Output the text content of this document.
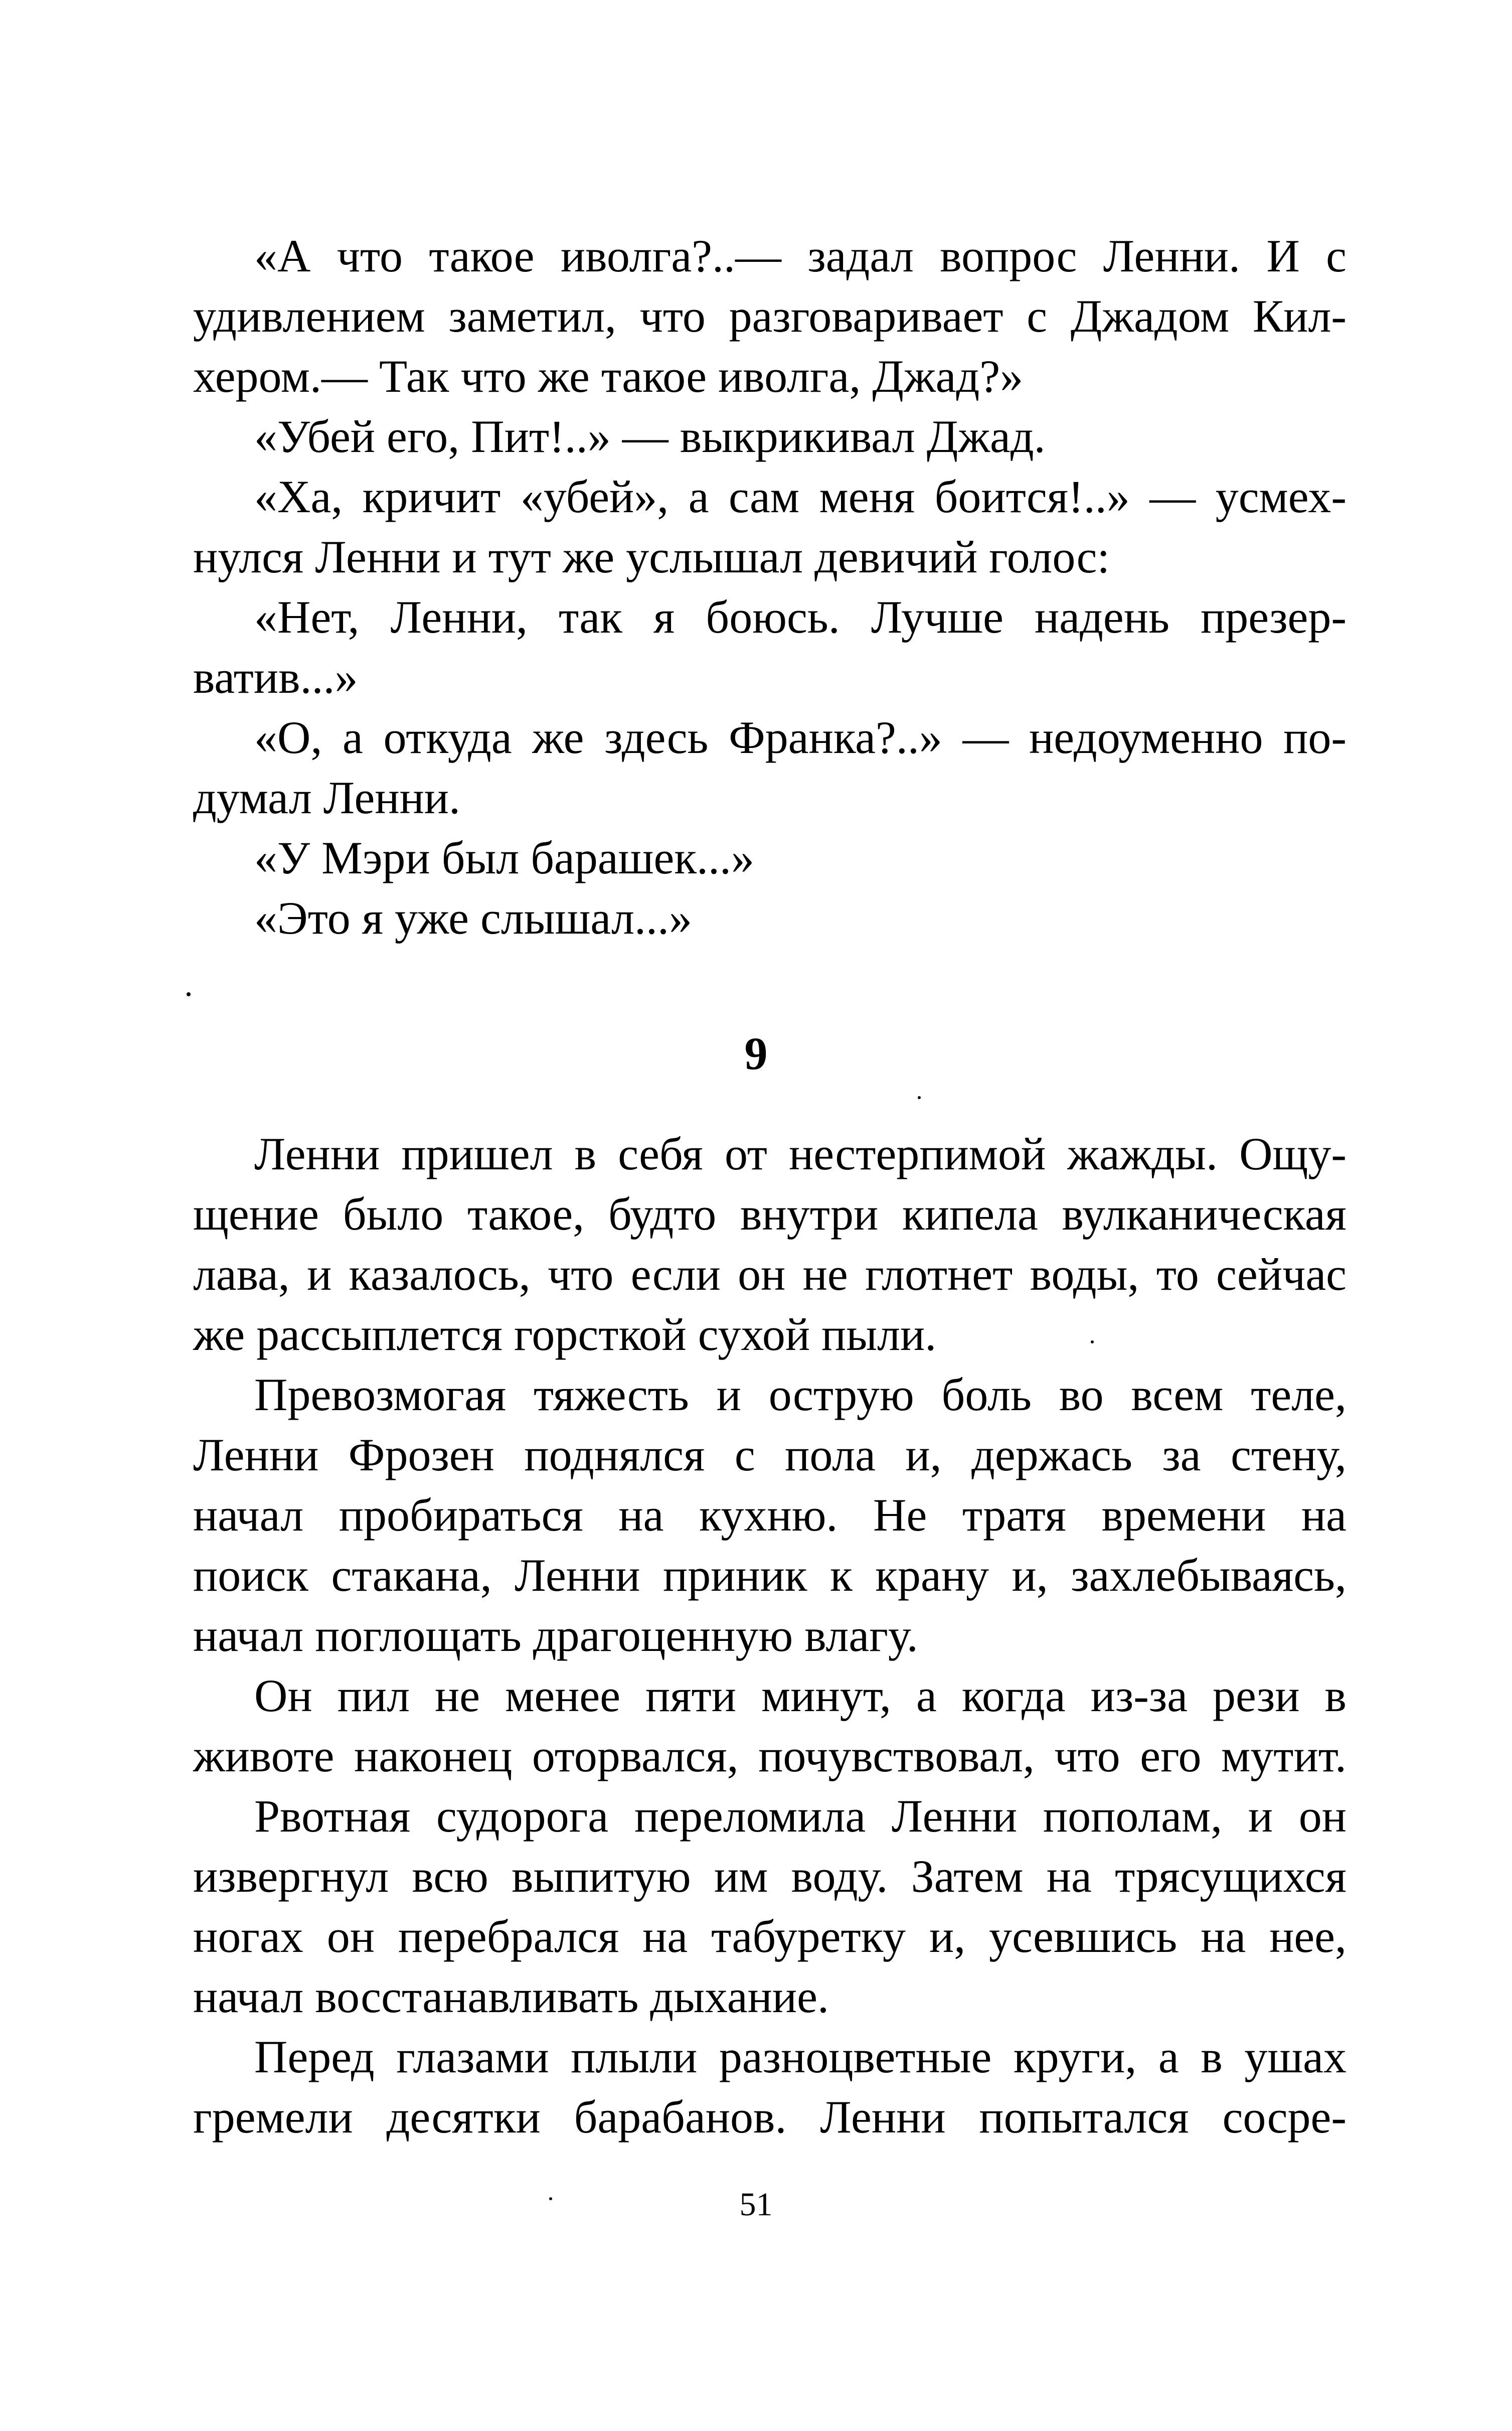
«А что такое иволга?..— задал вопрос Ленни. И с
удивлением заметил, что разговаривает с Джадом Кил-
хером.— Так что же такое иволга, Джад?»
«Убей его, Пит!..» — выкрикивал Джад.
«Ха, кричит «убей», а сам меня боится!..» — усмех-
нулся Ленни и тут же услышал девичий голос:
«Нет, Ленни, так я боюсь. Лучше надень презер-
ватив...»
«О, а откуда же здесь Франка?..» — недоуменно по-
думал Ленни.
«У Мэри был барашек...»
«Это я уже слышал...»
9
Ленни пришел в себя от нестерпимой жажды. Ощу-
щение было такое, будто внутри кипела вулканическая
лава, и казалось, что если он не глотнет воды, то сейчас
же рассыплется горсткой сухой пыли.
Превозмогая тяжесть и острую боль во всем теле,
Ленни Фрозен поднялся с пола и, держась за стену,
начал пробираться на кухню. Не тратя времени на
поиск стакана, Ленни приник к крану и, захлебываясь,
начал поглощать драгоценную влагу.
Он пил не менее пяти минут, а когда из-за рези в
животе наконец оторвался, почувствовал, что его мутит.
Рвотная судорога переломила Ленни пополам, и он
извергнул всю выпитую им воду. Затем на трясущихся
ногах он перебрался на табуретку и, усевшись на нее,
начал восстанавливать дыхание.
Перед глазами плыли разноцветные круги, а в ушах
гремели десятки барабанов. Ленни попытался сосре-
51
